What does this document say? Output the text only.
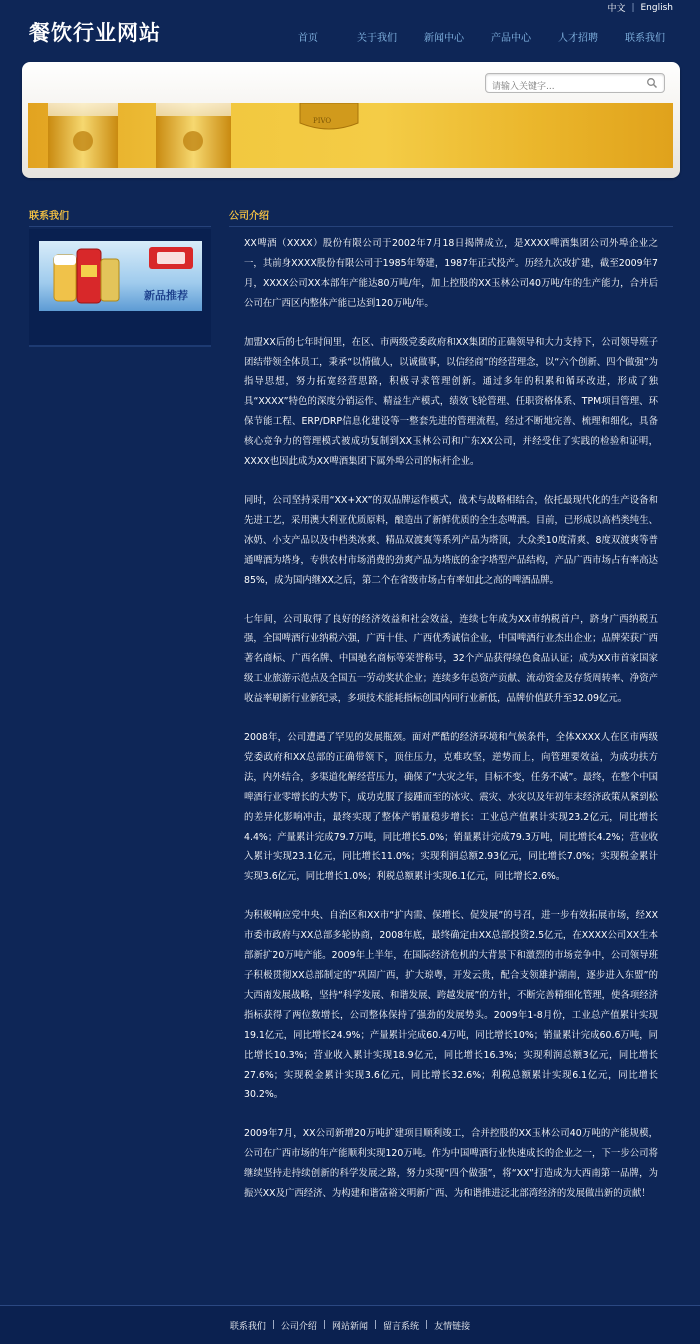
中文 | English
餐饮行业网站	首页	关于我们	新闻中心	产品中心	人才招聘	联系我们
请输入关键字...
PIVO
联系我们
新品推荐
公司介绍

XX啤酒（XXXX）股份有限公司于2002年7月18日揭牌成立，是XXXX啤酒集团公司外埠企业之一，其前身XXXX股份有限公司于1985年筹建，1987年正式投产。历经九次改扩建，截至2009年7月，XXXX公司XX本部年产能达80万吨/年，加上控股的XX玉林公司40万吨/年的生产能力，合并后公司在广西区内整体产能已达到120万吨/年。

加盟XX后的七年时间里，在区、市两级党委政府和XX集团的正确领导和大力支持下，公司领导班子团结带领全体员工，秉承“以情做人，以诚做事，以信经商”的经营理念，以“六个创新、四个做强”为指导思想，努力拓宽经营思路，积极寻求管理创新。通过多年的积累和循环改进，形成了独具“XXXX”特色的深度分销运作、精益生产模式，绩效飞轮管理、任职资格体系、TPM项目管理、环保节能工程、ERP/DRP信息化建设等一整套先进的管理流程，经过不断地完善、梳理和细化，具备核心竞争力的管理模式被成功复制到XX玉林公司和广东XX公司，并经受住了实践的检验和证明，XXXX也因此成为XX啤酒集团下属外埠公司的标杆企业。

同时，公司坚持采用“XX+XX”的双品牌运作模式，战术与战略相结合，依托最现代化的生产设备和先进工艺，采用澳大利亚优质原料，酿造出了新鲜优质的全生态啤酒。目前，已形成以高档类纯生、冰奶、小支产品以及中档类冰爽、精品双渡爽等系列产品为塔顶，大众类10度清爽、8度双渡爽等普通啤酒为塔身，专供农村市场消费的劲爽产品为塔底的金字塔型产品结构，产品广西市场占有率高达85%，成为国内继XX之后，第二个在省级市场占有率如此之高的啤酒品牌。

七年间，公司取得了良好的经济效益和社会效益，连续七年成为XX市纳税首户，跻身广西纳税五强，全国啤酒行业纳税六强，广西十佳、广西优秀诚信企业，中国啤酒行业杰出企业；品牌荣获广西著名商标、广西名牌、中国驰名商标等荣誉称号，32个产品获得绿色食品认证；成为XX市首家国家级工业旅游示范点及全国五一劳动奖状企业；连续多年总资产贡献、流动资金及存货周转率、净资产收益率刷新行业新纪录，多项技术能耗指标创国内同行业新低，品牌价值跃升至32.09亿元。

2008年，公司遭遇了罕见的发展瓶颈。面对严酷的经济环境和气候条件，全体XXXX人在区市两级党委政府和XX总部的正确带领下，顶住压力，克难攻坚，逆势而上，向管理要效益，为成功扶方法，内外结合，多渠道化解经营压力，确保了“大灾之年，目标不变，任务不减”。最终，在整个中国啤酒行业零增长的大势下，成功克服了接踵而至的冰灾、震灾、水灾以及年初年末经济政策从紧到松的差异化影响冲击，最终实现了整体产销量稳步增长：工业总产值累计实现23.2亿元，同比增长4.4%；产量累计完成79.7万吨，同比增长5.0%；销量累计完成79.3万吨，同比增长4.2%；营业收入累计实现23.1亿元，同比增长11.0%；实现利润总额2.93亿元，同比增长7.0%；实现税金累计实现3.6亿元，同比增长1.0%；利税总额累计实现6.1亿元，同比增长2.6%。

为积极响应党中央、自治区和XX市“扩内需、保增长、促发展”的号召，进一步有效拓展市场，经XX市委市政府与XX总部多轮协商，2008年底，最终确定由XX总部投资2.5亿元，在XXXX公司XX生本部新扩20万吨产能。2009年上半年，在国际经济危机的大背景下和激烈的市场竞争中，公司领导班子积极贯彻XX总部制定的“巩固广西，扩大琼粤，开发云贵，配合支领雄护湖南，逐步进入东盟”的大西南发展战略，坚持“科学发展、和谐发展、跨越发展”的方针，不断完善精细化管理，使各项经济指标获得了两位数增长，公司整体保持了强劲的发展势头。2009年1-8月份，工业总产值累计实现19.1亿元，同比增长24.9%；产量累计完成60.4万吨，同比增长10%；销量累计完成60.6万吨，同比增长10.3%；营业收入累计实现18.9亿元，同比增长16.3%；实现利润总额3亿元，同比增长27.6%；实现税金累计实现3.6亿元，同比增长32.6%；利税总额累计实现6.1亿元，同比增长30.2%。

2009年7月，XX公司新增20万吨扩建项目顺利竣工，合并控股的XX玉林公司40万吨的产能规模，公司在广西市场的年产能顺利实现120万吨。作为中国啤酒行业快速成长的企业之一，下一步公司将继续坚持走持续创新的科学发展之路，努力实现“四个做强”，将“XX”打造成为大西南第一品牌，为振兴XX及广西经济、为构建和谐富裕文明新广西、为和谐推进泛北部湾经济的发展做出新的贡献！

联系我们 | 公司介绍 | 网站新闻 | 留言系统 | 友情链接
